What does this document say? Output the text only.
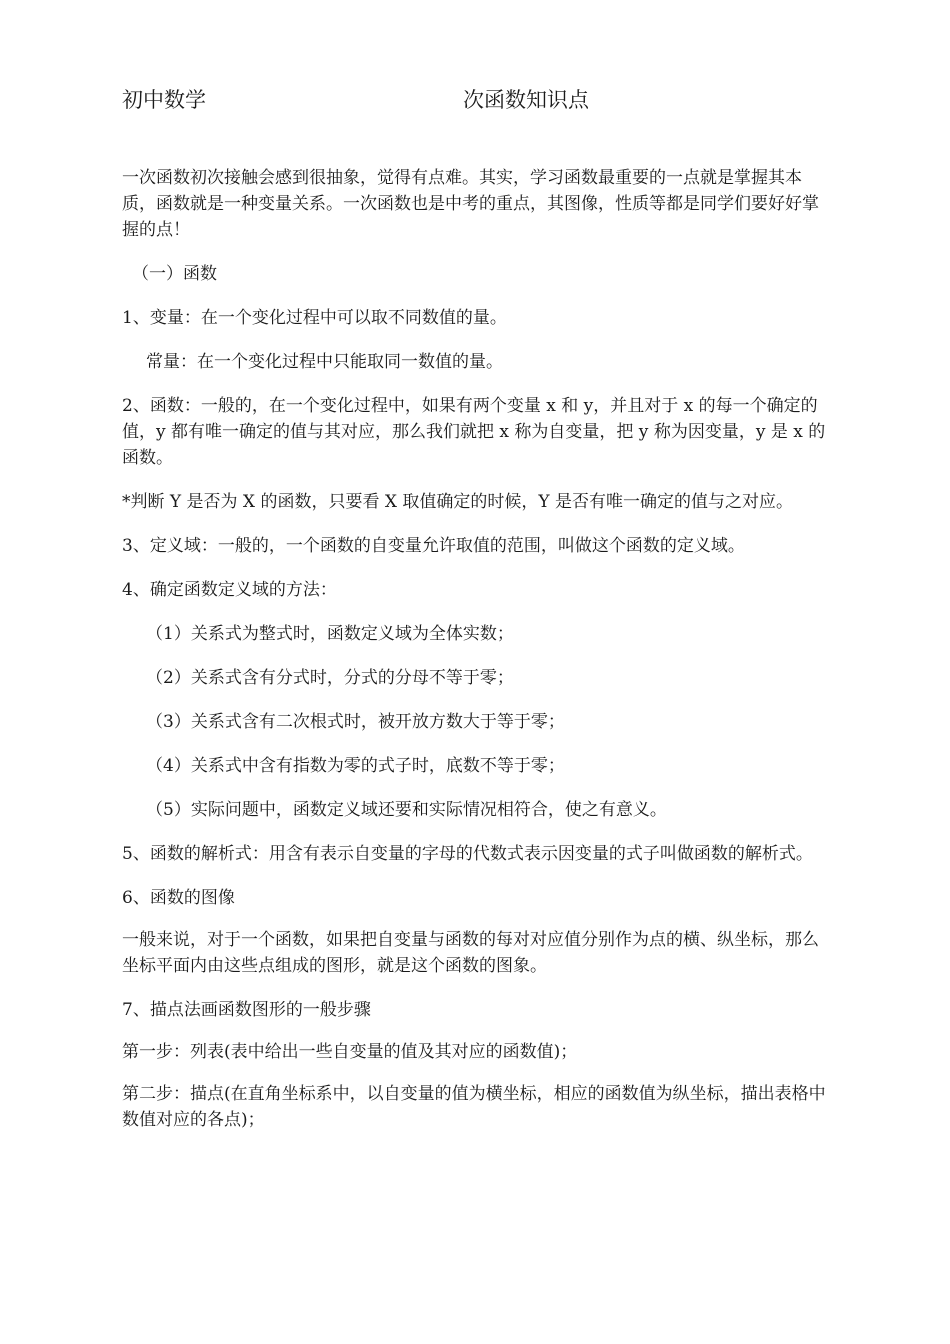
初中数学	次函数知识点

一次函数初次接触会感到很抽象，觉得有点难。其实，学习函数最重要的一点就是掌握其本质，函数就是一种变量关系。一次函数也是中考的重点，其图像，性质等都是同学们要好好掌握的点！

（一）函数

1、变量：在一个变化过程中可以取不同数值的量。

常量：在一个变化过程中只能取同一数值的量。

2、函数：一般的，在一个变化过程中，如果有两个变量 x 和 y，并且对于 x 的每一个确定的值，y 都有唯一确定的值与其对应，那么我们就把 x 称为自变量，把 y 称为因变量，y 是 x 的函数。

*判断 Y 是否为 X 的函数，只要看 X 取值确定的时候，Y 是否有唯一确定的值与之对应。

3、定义域：一般的，一个函数的自变量允许取值的范围，叫做这个函数的定义域。

4、确定函数定义域的方法：

（1）关系式为整式时，函数定义域为全体实数；

（2）关系式含有分式时，分式的分母不等于零；

（3）关系式含有二次根式时，被开放方数大于等于零；

（4）关系式中含有指数为零的式子时，底数不等于零；

（5）实际问题中，函数定义域还要和实际情况相符合，使之有意义。

5、函数的解析式：用含有表示自变量的字母的代数式表示因变量的式子叫做函数的解析式。

6、函数的图像

一般来说，对于一个函数，如果把自变量与函数的每对对应值分别作为点的横、纵坐标，那么坐标平面内由这些点组成的图形，就是这个函数的图象。

7、描点法画函数图形的一般步骤

第一步：列表(表中给出一些自变量的值及其对应的函数值)；

第二步：描点(在直角坐标系中，以自变量的值为横坐标，相应的函数值为纵坐标，描出表格中数值对应的各点)；
